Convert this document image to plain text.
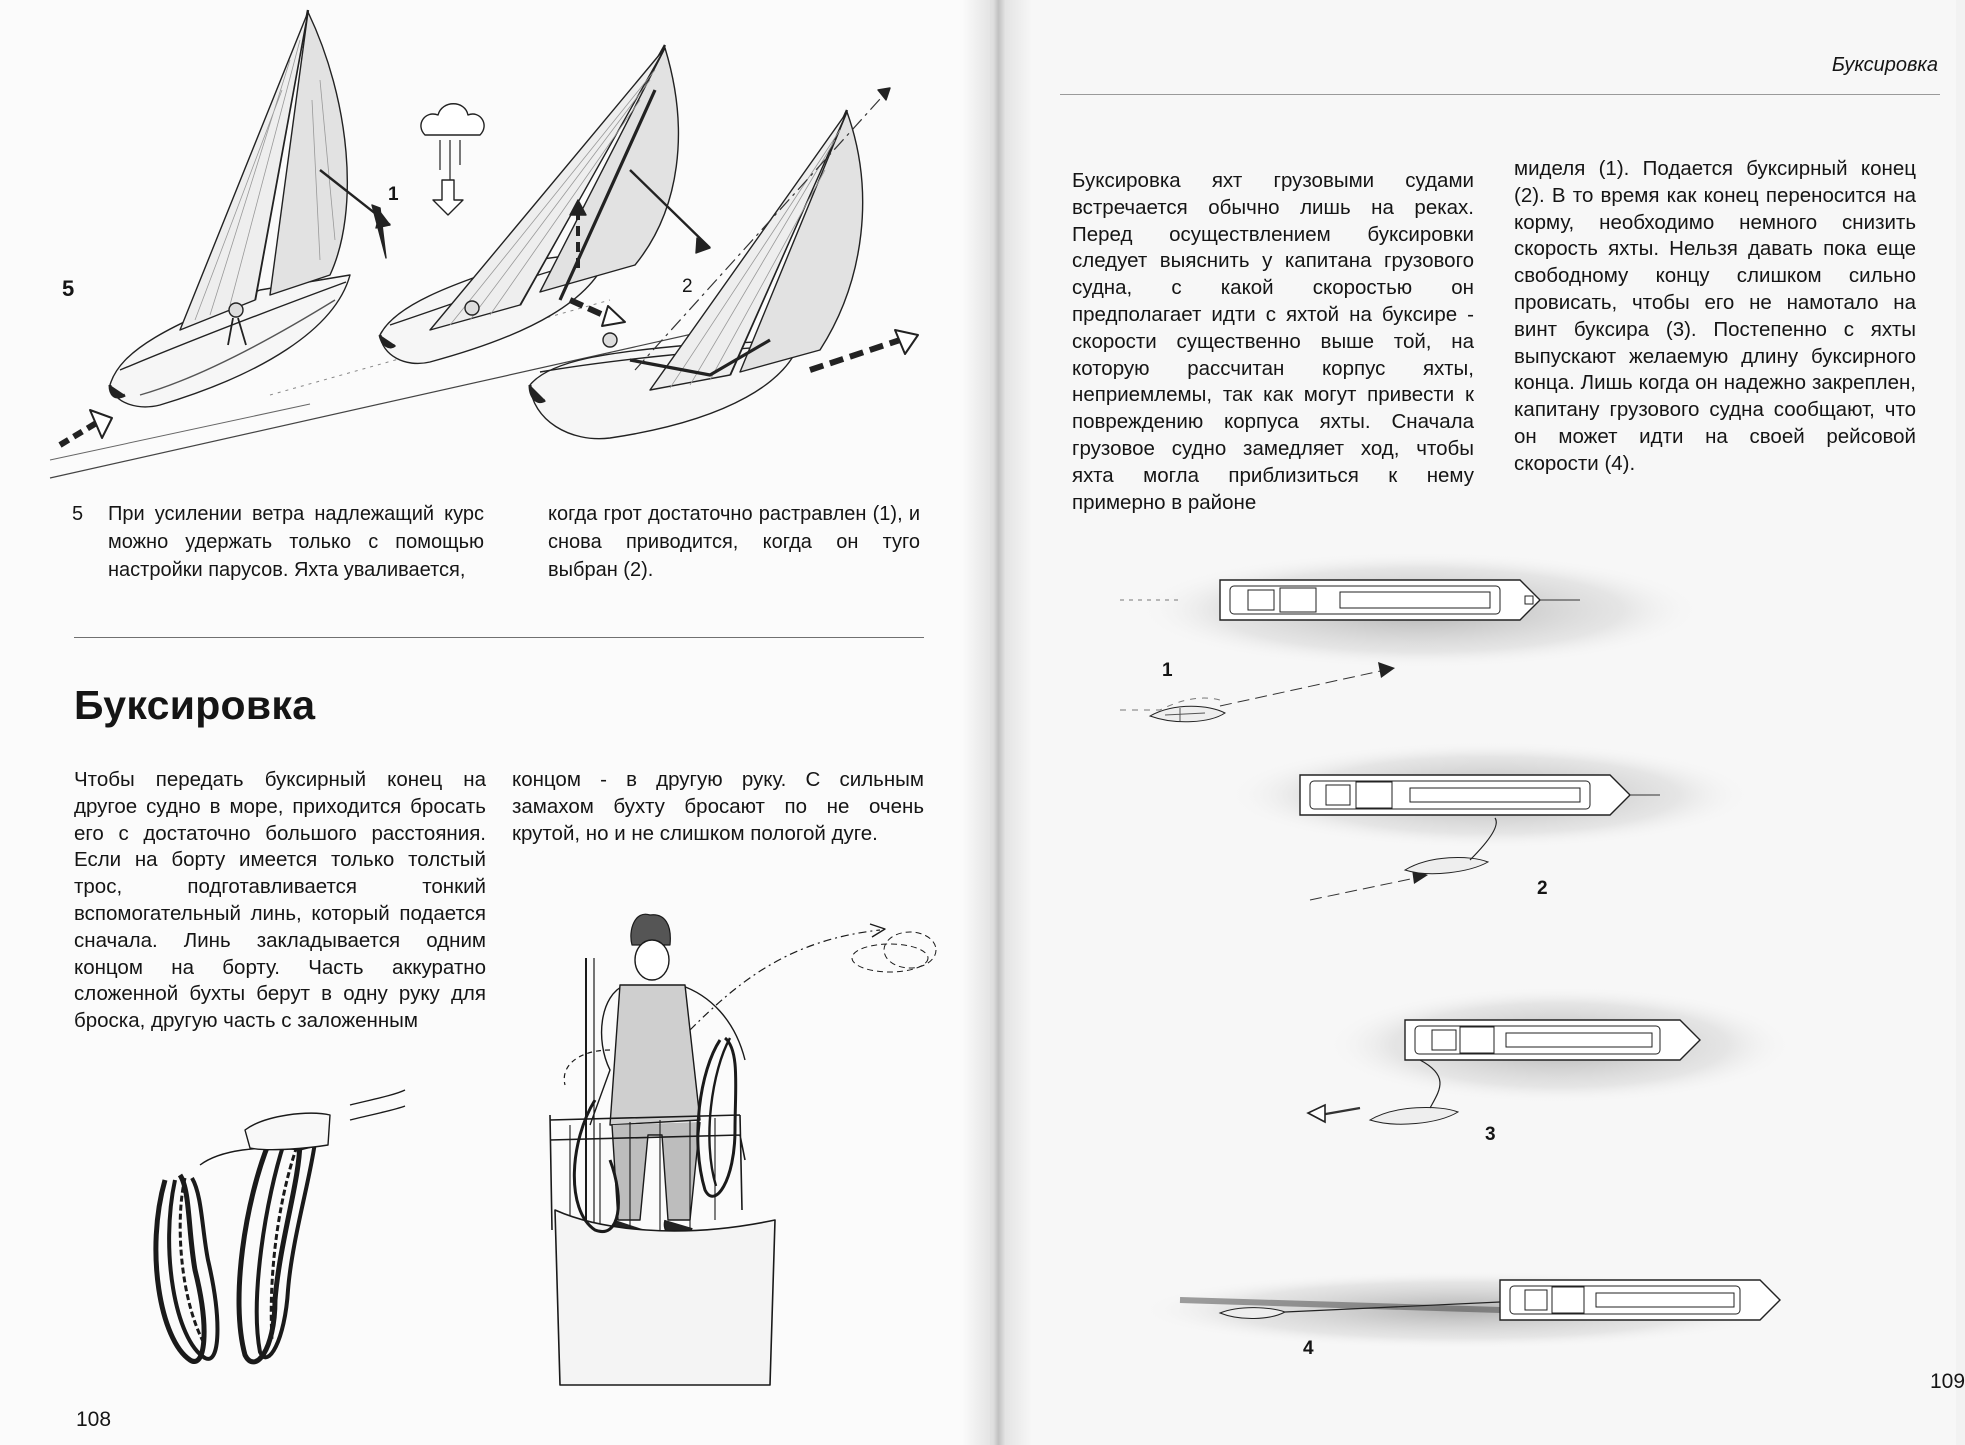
5
1
2
5 При усилении ветра надлежащий курс можно удержать только с помощью настройки парусов. Яхта уваливается,
когда грот достаточно растравлен (1), и снова приводится, когда он туго выбран (2).
Буксировка
Чтобы передать буксирный конец на другое судно в море, приходится бросать его с достаточно большого расстояния. Если на борту имеется только толстый трос, подготавливается тонкий вспомогательный линь, который подается сначала. Линь закладывается одним концом на борту. Часть аккуратно сложенной бухты берут в одну руку для броска, другую часть с заложенным
концом - в другую руку. С сильным замахом бухту бросают по не очень крутой, но и не слишком пологой дуге.
108
Буксировка
Буксировка яхт грузовыми судами встречается обычно лишь на реках. Перед осуществлением буксировки следует выяснить у капитана грузового судна, с какой скоростью он предполагает идти с яхтой на буксире - скорости существенно выше той, на которую рассчитан корпус яхты, неприемлемы, так как могут привести к повреждению корпуса яхты. Сначала грузовое судно замедляет ход, чтобы яхта могла приблизиться к нему примерно в районе
миделя (1). Подается буксирный конец (2). В то время как конец переносится на корму, необходимо немного снизить скорость яхты. Нельзя давать пока еще свободному концу слишком сильно провисать, чтобы его не намотало на винт буксира (3). Постепенно с яхты выпускают желаемую длину буксирного конца. Лишь когда он надежно закреплен, капитану грузового судна сообщают, что он может идти на своей рейсовой скорости (4).
1
2
3
4
109
